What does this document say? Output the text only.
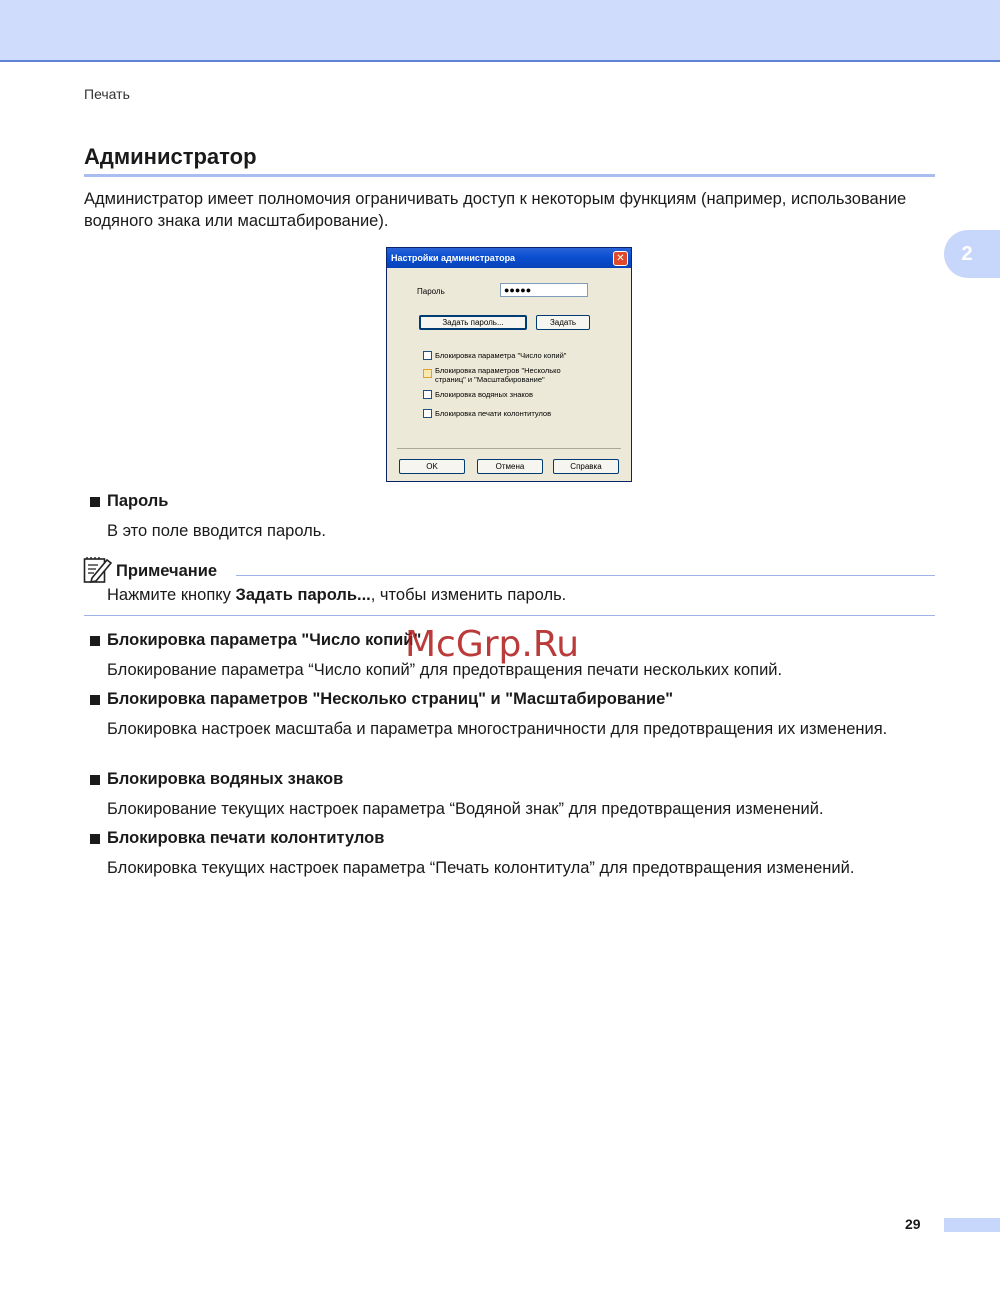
Печать
2
Администратор

Администратор имеет полномочия ограничивать доступ к некоторым функциям (например, использование водяного знака или масштабирование).

Настройки администратора	✕
Пароль	●●●●●
Задать пароль...	Задать
Блокировка параметра "Число копий"
Блокировка параметров "Несколько страниц" и "Масштабирование"
Блокировка водяных знаков
Блокировка печати колонтитулов
OK	Отмена	Справка
Пароль

В это поле вводится пароль.

Примечание

Нажмите кнопку Задать пароль..., чтобы изменить пароль.

Блокировка параметра "Число копий"

Блокирование параметра “Число копий” для предотвращения печати нескольких копий.

Блокировка параметров "Несколько страниц" и "Масштабирование"

Блокировка настроек масштаба и параметра многостраничности для предотвращения их изменения.

Блокировка водяных знаков

Блокирование текущих настроек параметра “Водяной знак” для предотвращения изменений.

Блокировка печати колонтитулов

Блокировка текущих настроек параметра “Печать колонтитула” для предотвращения изменений.

McGrp.Ru
29
